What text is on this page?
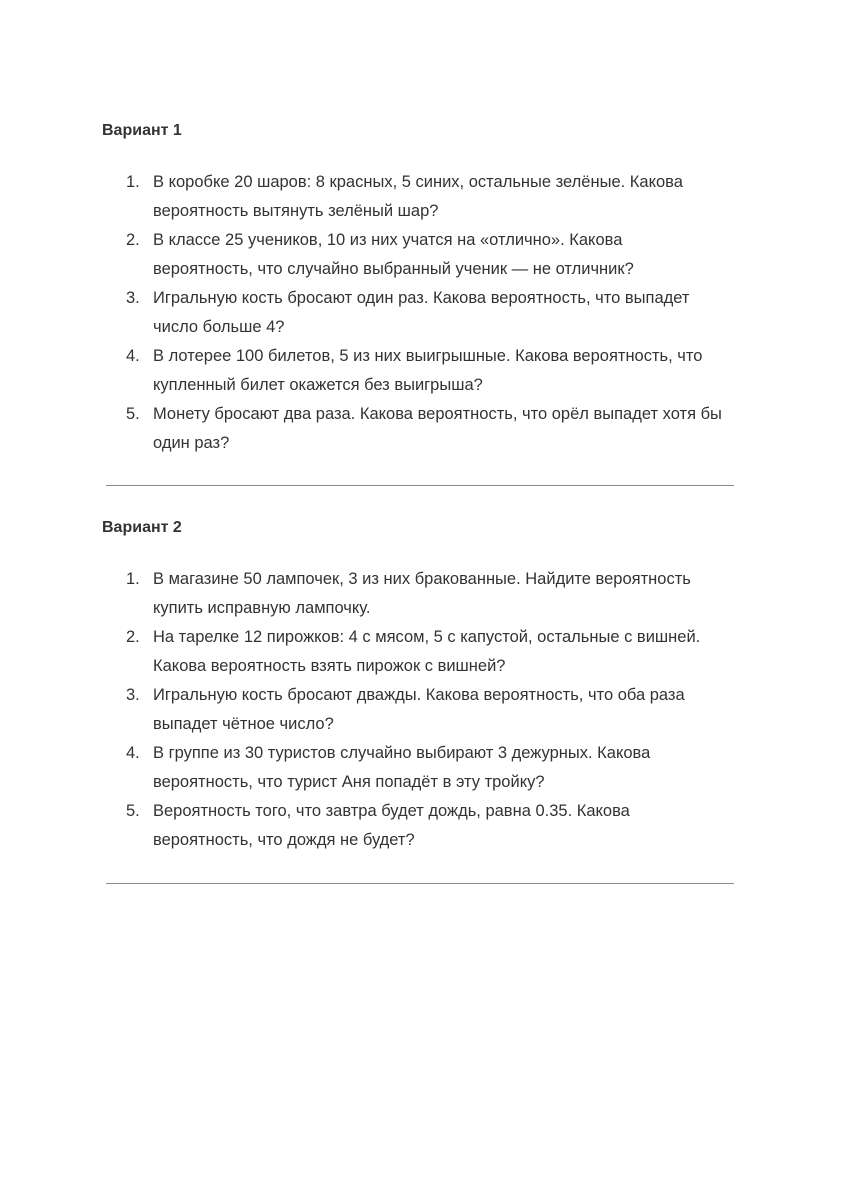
Вариант 1
1. В коробке 20 шаров: 8 красных, 5 синих, остальные зелёные. Какова вероятность вытянуть зелёный шар?
2. В классе 25 учеников, 10 из них учатся на «отлично». Какова вероятность, что случайно выбранный ученик — не отличник?
3. Игральную кость бросают один раз. Какова вероятность, что выпадет число больше 4?
4. В лотерее 100 билетов, 5 из них выигрышные. Какова вероятность, что купленный билет окажется без выигрыша?
5. Монету бросают два раза. Какова вероятность, что орёл выпадет хотя бы один раз?
Вариант 2
1. В магазине 50 лампочек, 3 из них бракованные. Найдите вероятность купить исправную лампочку.
2. На тарелке 12 пирожков: 4 с мясом, 5 с капустой, остальные с вишней. Какова вероятность взять пирожок с вишней?
3. Игральную кость бросают дважды. Какова вероятность, что оба раза выпадет чётное число?
4. В группе из 30 туристов случайно выбирают 3 дежурных. Какова вероятность, что турист Аня попадёт в эту тройку?
5. Вероятность того, что завтра будет дождь, равна 0.35. Какова вероятность, что дождя не будет?
